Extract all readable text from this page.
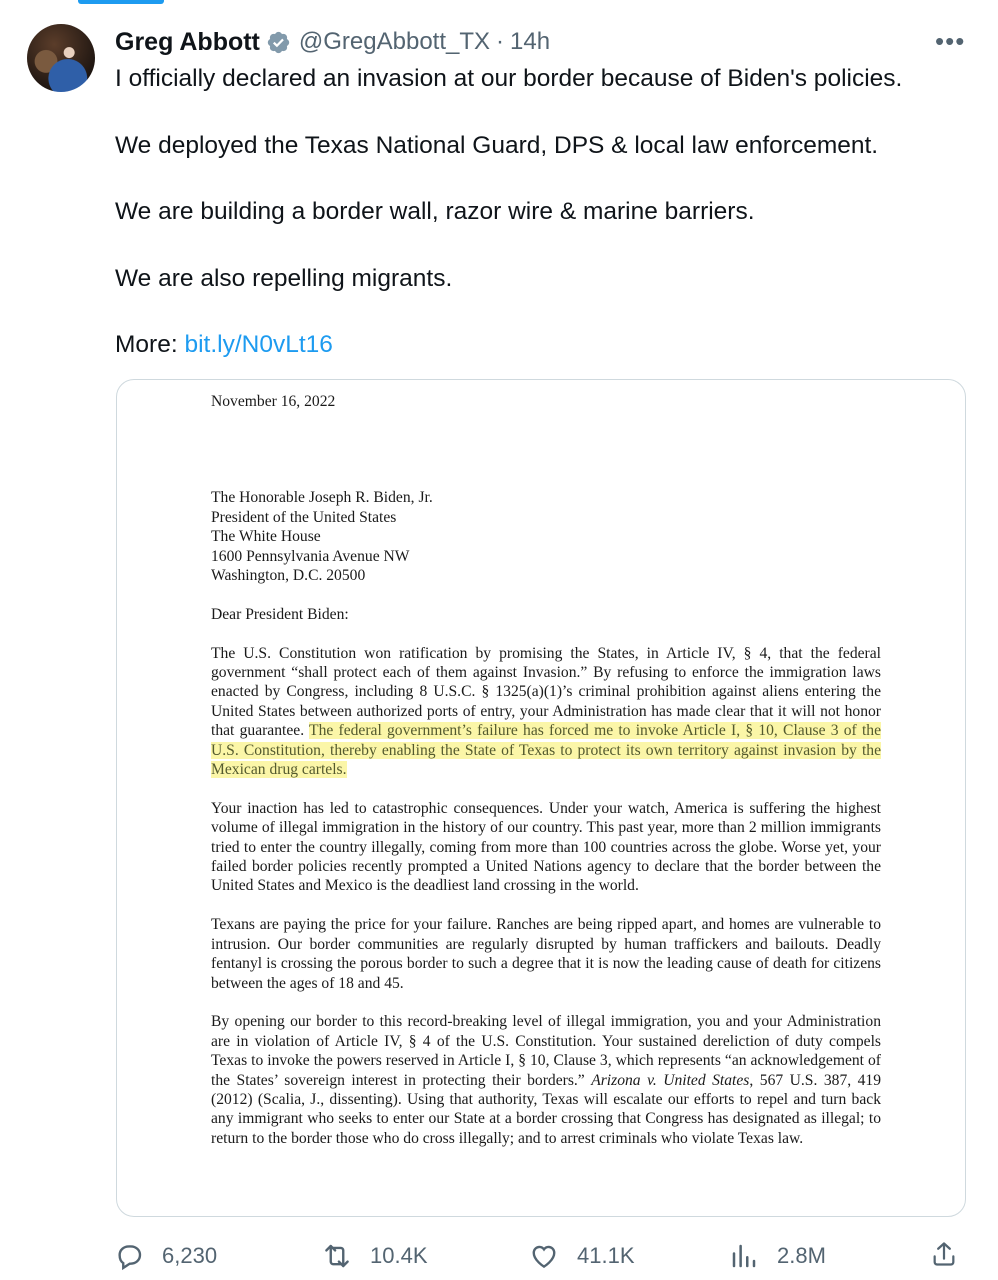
Greg Abbott @GregAbbott_TX · 14h	•••

I officially declared an invasion at our border because of Biden's policies.

We deployed the Texas National Guard, DPS & local law enforcement.

We are building a border wall, razor wire & marine barriers.

We are also repelling migrants.

More: bit.ly/N0vLt16

November 16, 2022

The Honorable Joseph R. Biden, Jr.

President of the United States

The White House

1600 Pennsylvania Avenue NW

Washington, D.C. 20500

Dear President Biden:

The U.S. Constitution won ratification by promising the States, in Article IV, § 4, that the federal government “shall protect each of them against Invasion.” By refusing to enforce the immigration laws enacted by Congress, including 8 U.S.C. § 1325(a)(1)’s criminal prohibition against aliens entering the United States between authorized ports of entry, your Administration has made clear that it will not honor that guarantee. The federal government’s failure has forced me to invoke Article I, § 10, Clause 3 of the U.S. Constitution, thereby enabling the State of Texas to protect its own territory against invasion by the Mexican drug cartels.

Your inaction has led to catastrophic consequences. Under your watch, America is suffering the highest volume of illegal immigration in the history of our country. This past year, more than 2 million immigrants tried to enter the country illegally, coming from more than 100 countries across the globe. Worse yet, your failed border policies recently prompted a United Nations agency to declare that the border between the United States and Mexico is the deadliest land crossing in the world.

Texans are paying the price for your failure. Ranches are being ripped apart, and homes are vulnerable to intrusion. Our border communities are regularly disrupted by human traffickers and bailouts. Deadly fentanyl is crossing the porous border to such a degree that it is now the leading cause of death for citizens between the ages of 18 and 45.

By opening our border to this record-breaking level of illegal immigration, you and your Administration are in violation of Article IV, § 4 of the U.S. Constitution. Your sustained dereliction of duty compels Texas to invoke the powers reserved in Article I, § 10, Clause 3, which represents “an acknowledgement of the States’ sovereign interest in protecting their borders.” Arizona v. United States, 567 U.S. 387, 419 (2012) (Scalia, J., dissenting). Using that authority, Texas will escalate our efforts to repel and turn back any immigrant who seeks to enter our State at a border crossing that Congress has designated as illegal; to return to the border those who do cross illegally; and to arrest criminals who violate Texas law.

6,230	10.4K	41.1K	2.8M
